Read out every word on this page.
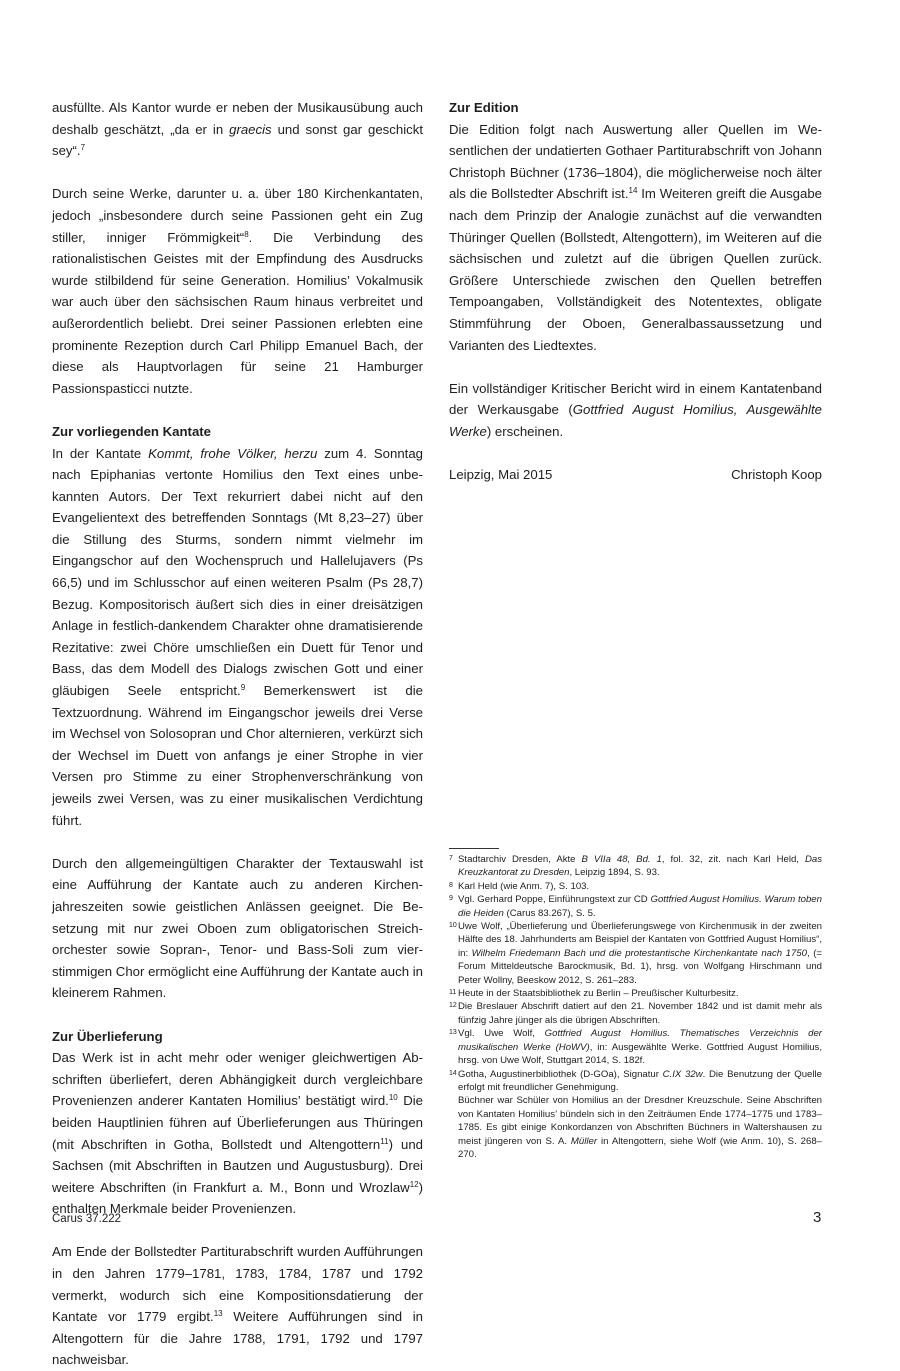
ausfüllte. Als Kantor wurde er neben der Musikausübung auch deshalb geschätzt, „da er in graecis und sonst gar geschickt sey“.$^7$

Durch seine Werke, darunter u. a. über 180 Kirchenkantaten, jedoch „insbesondere durch seine Passionen geht ein Zug stiller, inniger Frömmigkeit“$^8$. Die Verbindung des rationalistischen Geistes mit der Empfindung des Ausdrucks wurde stilbildend für seine Generation. Homilius’ Vokalmusik war auch über den sächsischen Raum hinaus verbreitet und außerordentlich beliebt. Drei seiner Passionen erlebten eine prominente Rezeption durch Carl Philipp Emanuel Bach, der diese als Hauptvorlagen für seine 21 Hamburger Passionspasticci nutzte.

Zur vorliegenden Kantate

In der Kantate Kommt, frohe Völker, herzu zum 4. Sonntag nach Epiphanias vertonte Homilius den Text eines unbekannten Autors. Der Text rekurriert dabei nicht auf den Evangelientext des betreffenden Sonntags (Mt 8,23–27) über die Stillung des Sturms, sondern nimmt vielmehr im Eingangschor auf den Wochenspruch und Hallelujavers (Ps 66,5) und im Schlusschor auf einen weiteren Psalm (Ps 28,7) Bezug. Kompositorisch äußert sich dies in einer dreisätzigen Anlage in festlich-dankendem Charakter ohne dramatisierende Rezitative: zwei Chöre umschließen ein Duett für Tenor und Bass, das dem Modell des Dialogs zwischen Gott und einer gläubigen Seele entspricht.$^9$ Bemerkenswert ist die Textzuordnung. Während im Eingangschor jeweils drei Verse im Wechsel von Solosopran und Chor alternieren, verkürzt sich der Wechsel im Duett von anfangs je einer Strophe in vier Versen pro Stimme zu einer Strophenverschränkung von jeweils zwei Versen, was zu einer musikalischen Verdichtung führt.

Durch den allgemeingültigen Charakter der Textauswahl ist eine Aufführung der Kantate auch zu anderen Kirchenjahreszeiten sowie geistlichen Anlässen geeignet. Die Besetzung mit nur zwei Oboen zum obligatorischen Streichorchester sowie Sopran-, Tenor- und Bass-Soli zum vierstimmigen Chor ermöglicht eine Aufführung der Kantate auch in kleinerem Rahmen.

Zur Überlieferung

Das Werk ist in acht mehr oder weniger gleichwertigen Abschriften überliefert, deren Abhängigkeit durch vergleichbare Provenienzen anderer Kantaten Homilius’ bestätigt wird.$^{10}$ Die beiden Hauptlinien führen auf Überlieferungen aus Thüringen (mit Abschriften in Gotha, Bollstedt und Altengottern$^{11}$) und Sachsen (mit Abschriften in Bautzen und Augustusburg). Drei weitere Abschriften (in Frankfurt a. M., Bonn und Wrozlaw$^{12}$) enthalten Merkmale beider Provenienzen.

Am Ende der Bollstedter Partiturabschrift wurden Aufführungen in den Jahren 1779–1781, 1783, 1784, 1787 und 1792 vermerkt, wodurch sich eine Kompositionsdatierung der Kantate vor 1779 ergibt.$^{13}$ Weitere Aufführungen sind in Altengottern für die Jahre 1788, 1791, 1792 und 1797 nachweisbar.

Zur Edition

Die Edition folgt nach Auswertung aller Quellen im Wesentlichen der undatierten Gothaer Partiturabschrift von Johann Christoph Büchner (1736–1804), die möglicherweise noch älter als die Bollstedter Abschrift ist.$^{14}$ Im Weiteren greift die Ausgabe nach dem Prinzip der Analogie zunächst auf die verwandten Thüringer Quellen (Bollstedt, Altengottern), im Weiteren auf die sächsischen und zuletzt auf die übrigen Quellen zurück. Größere Unterschiede zwischen den Quellen betreffen Tempoangaben, Vollständigkeit des Notentextes, obligate Stimmführung der Oboen, Generalbassaussetzung und Varianten des Liedtextes.

Ein vollständiger Kritischer Bericht wird in einem Kantatenband der Werkausgabe (Gottfried August Homilius, Ausgewählte Werke) erscheinen.

Leipzig, Mai 2015	Christoph Koop
7 Stadtarchiv Dresden, Akte B VIIa 48, Bd. 1, fol. 32, zit. nach Karl Held, Das Kreuzkantorat zu Dresden, Leipzig 1894, S. 93.
8 Karl Held (wie Anm. 7), S. 103.
9 Vgl. Gerhard Poppe, Einführungstext zur CD Gottfried August Homilius. Warum toben die Heiden (Carus 83.267), S. 5.
10 Uwe Wolf, „Überlieferung und Überlieferungswege von Kirchenmusik in der zweiten Hälfte des 18. Jahrhunderts am Beispiel der Kantaten von Gottfried August Homilius“, in: Wilhelm Friedemann Bach und die protestantische Kirchenkantate nach 1750, (= Forum Mitteldeutsche Barockmusik, Bd. 1), hrsg. von Wolfgang Hirschmann und Peter Wollny, Beeskow 2012, S. 261–283.
11 Heute in der Staatsbibliothek zu Berlin – Preußischer Kulturbesitz.
12 Die Breslauer Abschrift datiert auf den 21. November 1842 und ist damit mehr als fünfzig Jahre jünger als die übrigen Abschriften.
13 Vgl. Uwe Wolf, Gottfried August Homilius. Thematisches Verzeichnis der musikalischen Werke (HoWV), in: Ausgewählte Werke. Gottfried August Homilius, hrsg. von Uwe Wolf, Stuttgart 2014, S. 182f.
14 Gotha, Augustinerbibliothek (D-GOa), Signatur C.IX 32w. Die Benutzung der Quelle erfolgt mit freundlicher Genehmigung.
Büchner war Schüler von Homilius an der Dresdner Kreuzschule. Seine Abschriften von Kantaten Homilius’ bündeln sich in den Zeiträumen Ende 1774–1775 und 1783–1785. Es gibt einige Konkordanzen von Abschriften Büchners in Waltershausen zu meist jüngeren von S. A. Müller in Altengottern, siehe Wolf (wie Anm. 10), S. 268–270.
Carus 37.222	3
